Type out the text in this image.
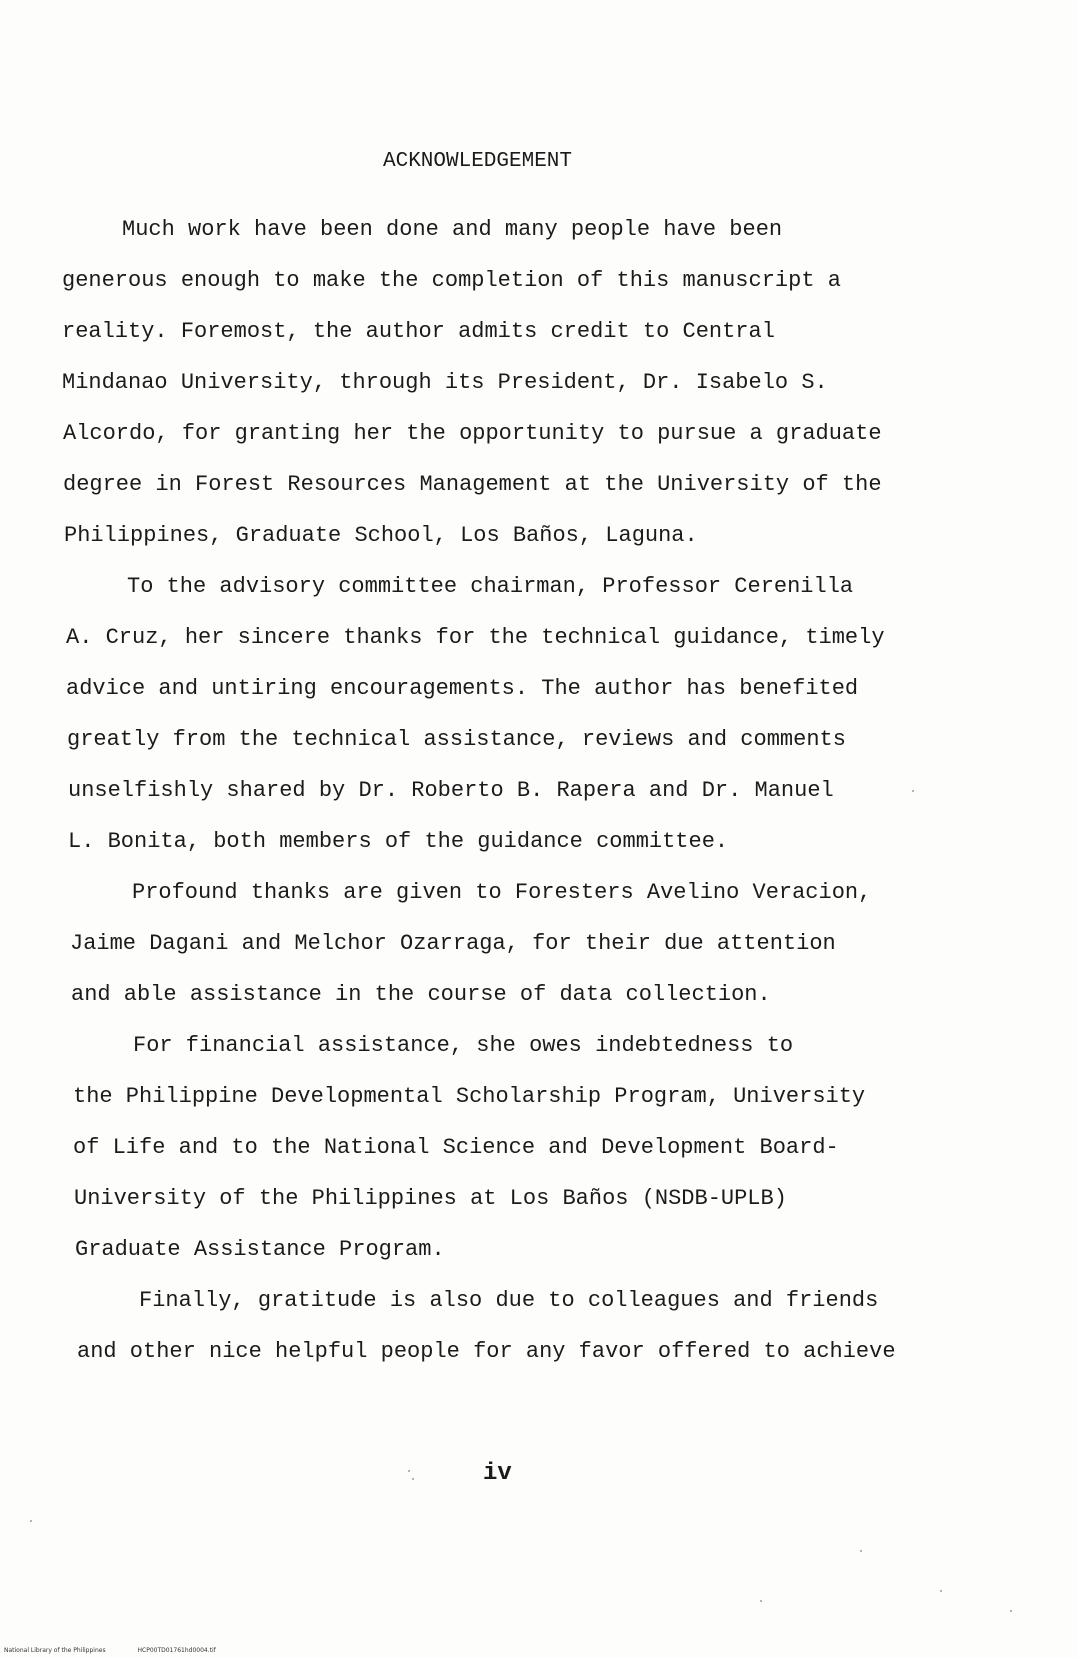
ACKNOWLEDGEMENT
Much work have been done and many people have been
generous enough to make the completion of this manuscript a
reality. Foremost, the author admits credit to Central
Mindanao University, through its President, Dr. Isabelo S.
Alcordo, for granting her the opportunity to pursue a graduate
degree in Forest Resources Management at the University of the
Philippines, Graduate School, Los Baños, Laguna.
To the advisory committee chairman, Professor Cerenilla
A. Cruz, her sincere thanks for the technical guidance, timely
advice and untiring encouragements. The author has benefited
greatly from the technical assistance, reviews and comments
unselfishly shared by Dr. Roberto B. Rapera and Dr. Manuel
L. Bonita, both members of the guidance committee.
Profound thanks are given to Foresters Avelino Veracion,
Jaime Dagani and Melchor Ozarraga, for their due attention
and able assistance in the course of data collection.
For financial assistance, she owes indebtedness to
the Philippine Developmental Scholarship Program, University
of Life and to the National Science and Development Board-
University of the Philippines at Los Baños (NSDB-UPLB)
Graduate Assistance Program.
Finally, gratitude is also due to colleagues and friends
and other nice helpful people for any favor offered to achieve
iv
National Library of the Philippines	HCP00TD01761hd0004.tif
